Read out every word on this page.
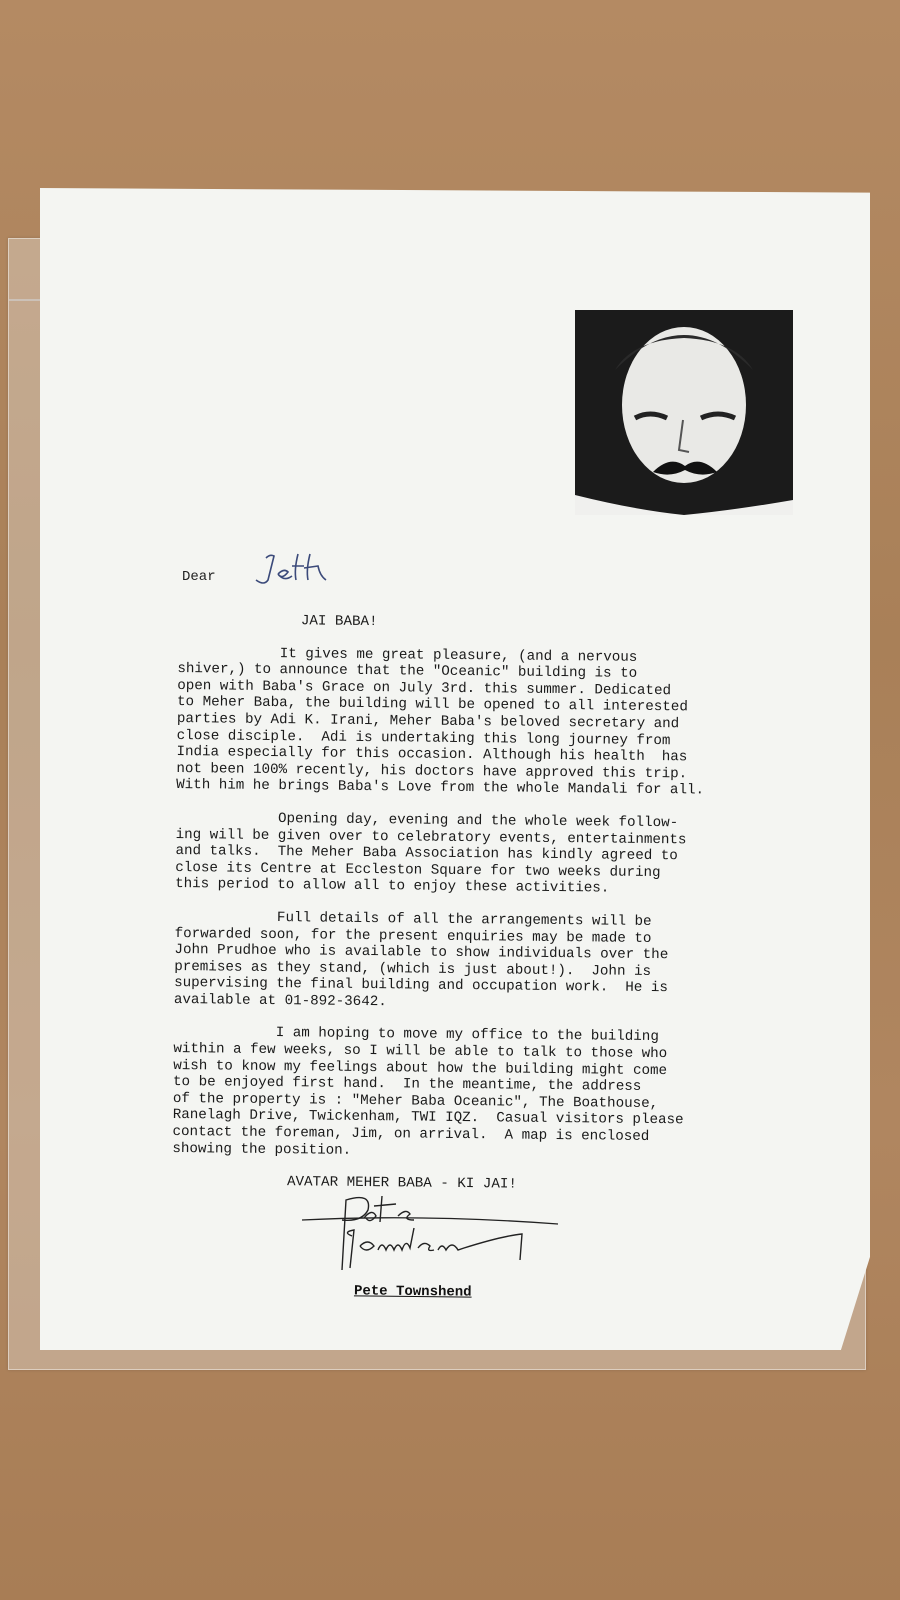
Dear
JAI BABA!
It gives me great pleasure, (and a nervous
shiver,) to announce that the "Oceanic" building is to
open with Baba's Grace on July 3rd. this summer. Dedicated
to Meher Baba, the building will be opened to all interested
parties by Adi K. Irani, Meher Baba's beloved secretary and
close disciple.  Adi is undertaking this long journey from
India especially for this occasion. Although his health  has
not been 100% recently, his doctors have approved this trip.
With him he brings Baba's Love from the whole Mandali for all.
Opening day, evening and the whole week follow-
ing will be given over to celebratory events, entertainments
and talks.  The Meher Baba Association has kindly agreed to
close its Centre at Eccleston Square for two weeks during
this period to allow all to enjoy these activities.
Full details of all the arrangements will be
forwarded soon, for the present enquiries may be made to
John Prudhoe who is available to show individuals over the
premises as they stand, (which is just about!).  John is
supervising the final building and occupation work.  He is
available at 01-892-3642.
I am hoping to move my office to the building
within a few weeks, so I will be able to talk to those who
wish to know my feelings about how the building might come
to be enjoyed first hand.  In the meantime, the address
of the property is : "Meher Baba Oceanic", The Boathouse,
Ranelagh Drive, Twickenham, TWI IQZ.  Casual visitors please
contact the foreman, Jim, on arrival.  A map is enclosed
showing the position.
AVATAR MEHER BABA - KI JAI!
Pete Townshend
